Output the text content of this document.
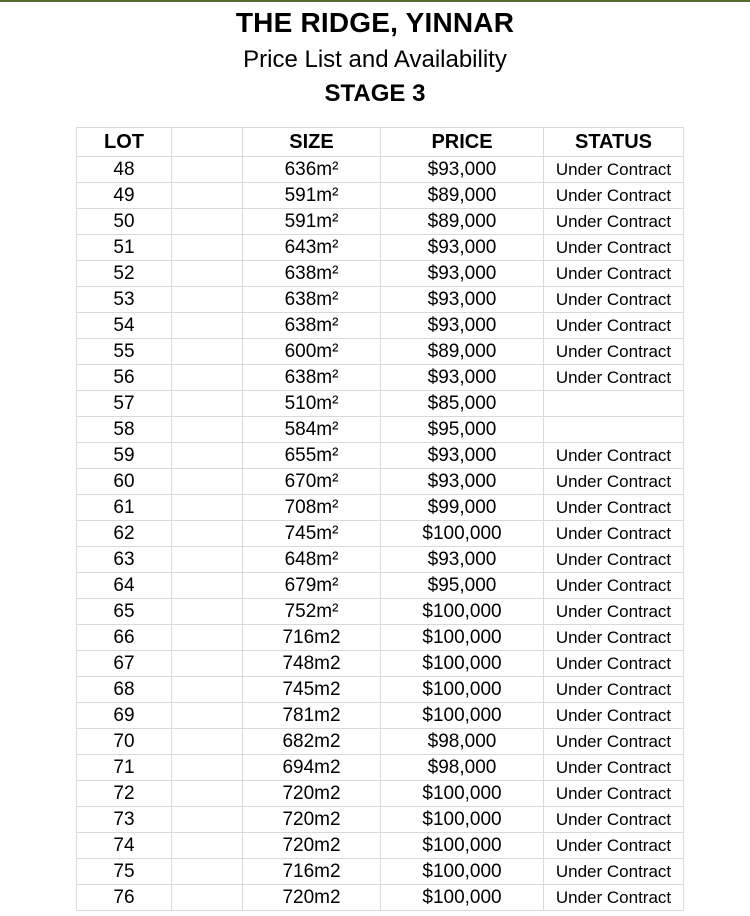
THE RIDGE, YINNAR
Price List and Availability
STAGE 3
LOT		SIZE	PRICE	STATUS
48		636m²	$93,000	Under Contract
49		591m²	$89,000	Under Contract
50		591m²	$89,000	Under Contract
51		643m²	$93,000	Under Contract
52		638m²	$93,000	Under Contract
53		638m²	$93,000	Under Contract
54		638m²	$93,000	Under Contract
55		600m²	$89,000	Under Contract
56		638m²	$93,000	Under Contract
57		510m²	$85,000	
58		584m²	$95,000	
59		655m²	$93,000	Under Contract
60		670m²	$93,000	Under Contract
61		708m²	$99,000	Under Contract
62		745m²	$100,000	Under Contract
63		648m²	$93,000	Under Contract
64		679m²	$95,000	Under Contract
65		752m²	$100,000	Under Contract
66		716m2	$100,000	Under Contract
67		748m2	$100,000	Under Contract
68		745m2	$100,000	Under Contract
69		781m2	$100,000	Under Contract
70		682m2	$98,000	Under Contract
71		694m2	$98,000	Under Contract
72		720m2	$100,000	Under Contract
73		720m2	$100,000	Under Contract
74		720m2	$100,000	Under Contract
75		716m2	$100,000	Under Contract
76		720m2	$100,000	Under Contract
